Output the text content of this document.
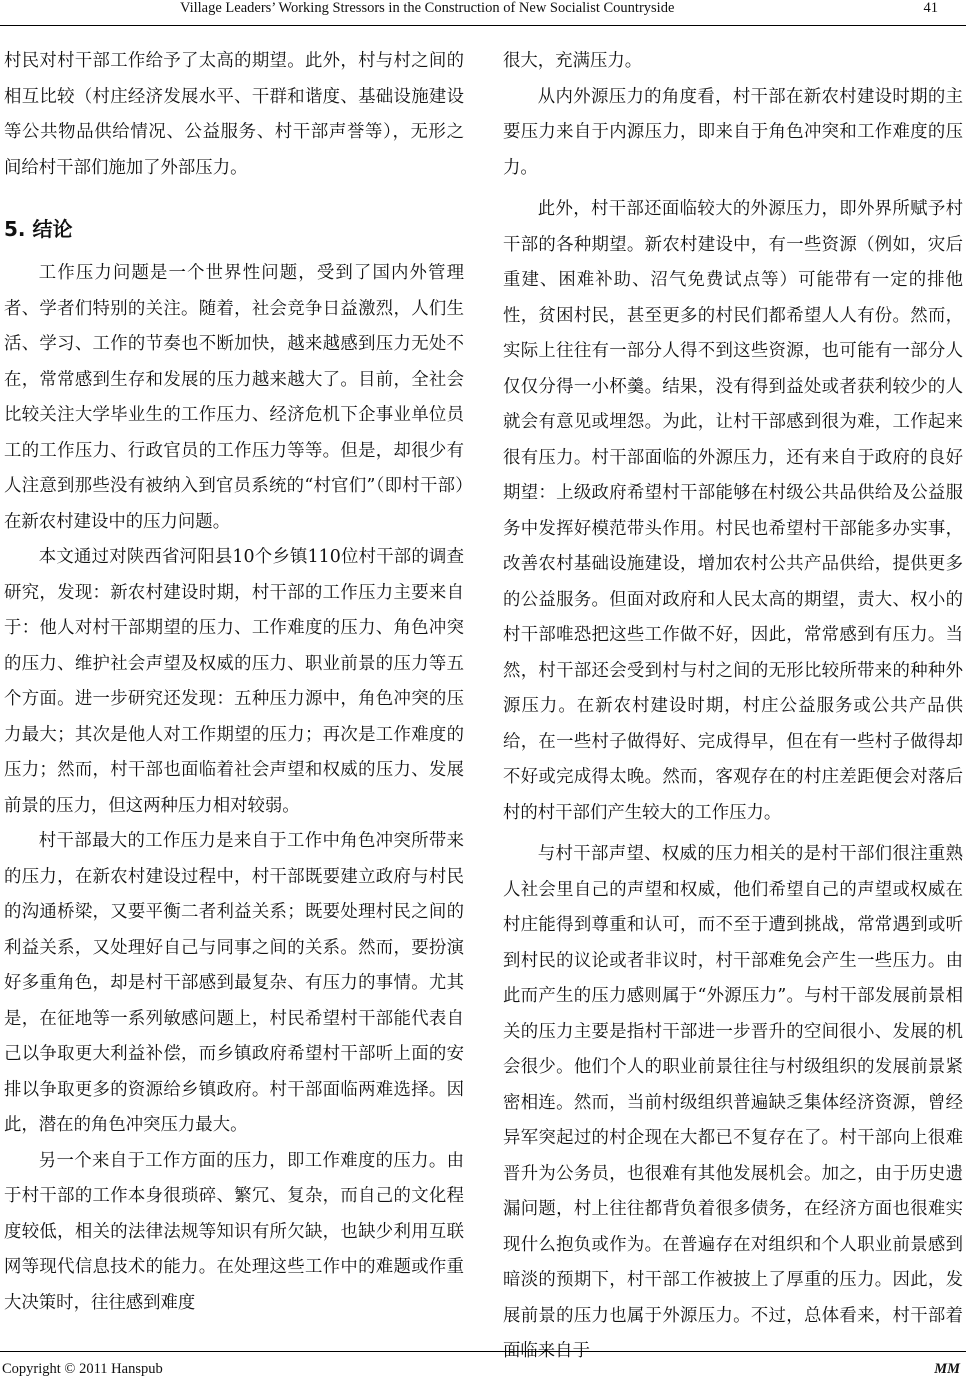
Village Leaders’ Working Stressors in the Construction of New Socialist Countryside	41

村民对村干部工作给予了太高的期望。此外，村与村之间的相互比较（村庄经济发展水平、干群和谐度、基础设施建设等公共物品供给情况、公益服务、村干部声誉等），无形之间给村干部们施加了外部压力。

5. 结论

工作压力问题是一个世界性问题，受到了国内外管理者、学者们特别的关注。随着，社会竞争日益激烈，人们生活、学习、工作的节奏也不断加快，越来越感到压力无处不在，常常感到生存和发展的压力越来越大了。目前，全社会比较关注大学毕业生的工作压力、经济危机下企事业单位员工的工作压力、行政官员的工作压力等等。但是，却很少有人注意到那些没有被纳入到官员系统的“村官们”（即村干部）在新农村建设中的压力问题。

本文通过对陕西省河阳县10个乡镇110位村干部的调查研究，发现：新农村建设时期，村干部的工作压力主要来自于：他人对村干部期望的压力、工作难度的压力、角色冲突的压力、维护社会声望及权威的压力、职业前景的压力等五个方面。进一步研究还发现：五种压力源中，角色冲突的压力最大；其次是他人对工作期望的压力；再次是工作难度的压力；然而，村干部也面临着社会声望和权威的压力、发展前景的压力，但这两种压力相对较弱。

村干部最大的工作压力是来自于工作中角色冲突所带来的压力，在新农村建设过程中，村干部既要建立政府与村民的沟通桥梁，又要平衡二者利益关系；既要处理村民之间的利益关系，又处理好自己与同事之间的关系。然而，要扮演好多重角色，却是村干部感到最复杂、有压力的事情。尤其是，在征地等一系列敏感问题上，村民希望村干部能代表自己以争取更大利益补偿，而乡镇政府希望村干部听上面的安排以争取更多的资源给乡镇政府。村干部面临两难选择。因此，潜在的角色冲突压力最大。

另一个来自于工作方面的压力，即工作难度的压力。由于村干部的工作本身很琐碎、繁冗、复杂，而自己的文化程度较低，相关的法律法规等知识有所欠缺，也缺少利用互联网等现代信息技术的能力。在处理这些工作中的难题或作重大决策时，往往感到难度

很大，充满压力。

从内外源压力的角度看，村干部在新农村建设时期的主要压力来自于内源压力，即来自于角色冲突和工作难度的压力。

此外，村干部还面临较大的外源压力，即外界所赋予村干部的各种期望。新农村建设中，有一些资源（例如，灾后重建、困难补助、沼气免费试点等）可能带有一定的排他性，贫困村民，甚至更多的村民们都希望人人有份。然而，实际上往往有一部分人得不到这些资源，也可能有一部分人仅仅分得一小杯羹。结果，没有得到益处或者获利较少的人就会有意见或埋怨。为此，让村干部感到很为难，工作起来很有压力。村干部面临的外源压力，还有来自于政府的良好期望：上级政府希望村干部能够在村级公共品供给及公益服务中发挥好模范带头作用。村民也希望村干部能多办实事，改善农村基础设施建设，增加农村公共产品供给，提供更多的公益服务。但面对政府和人民太高的期望，责大、权小的村干部唯恐把这些工作做不好，因此，常常感到有压力。当然，村干部还会受到村与村之间的无形比较所带来的种种外源压力。在新农村建设时期，村庄公益服务或公共产品供给，在一些村子做得好、完成得早，但在有一些村子做得却不好或完成得太晚。然而，客观存在的村庄差距便会对落后村的村干部们产生较大的工作压力。

与村干部声望、权威的压力相关的是村干部们很注重熟人社会里自己的声望和权威，他们希望自己的声望或权威在村庄能得到尊重和认可，而不至于遭到挑战，常常遇到或听到村民的议论或者非议时，村干部难免会产生一些压力。由此而产生的压力感则属于“外源压力”。与村干部发展前景相关的压力主要是指村干部进一步晋升的空间很小、发展的机会很少。他们个人的职业前景往往与村级组织的发展前景紧密相连。然而，当前村级组织普遍缺乏集体经济资源，曾经异军突起过的村企现在大都已不复存在了。村干部向上很难晋升为公务员，也很难有其他发展机会。加之，由于历史遗漏问题，村上往往都背负着很多债务，在经济方面也很难实现什么抱负或作为。在普遍存在对组织和个人职业前景感到暗淡的预期下，村干部工作被披上了厚重的压力。因此，发展前景的压力也属于外源压力。不过，总体看来，村干部着面临来自于

Copyright © 2011 Hanspub	MM
